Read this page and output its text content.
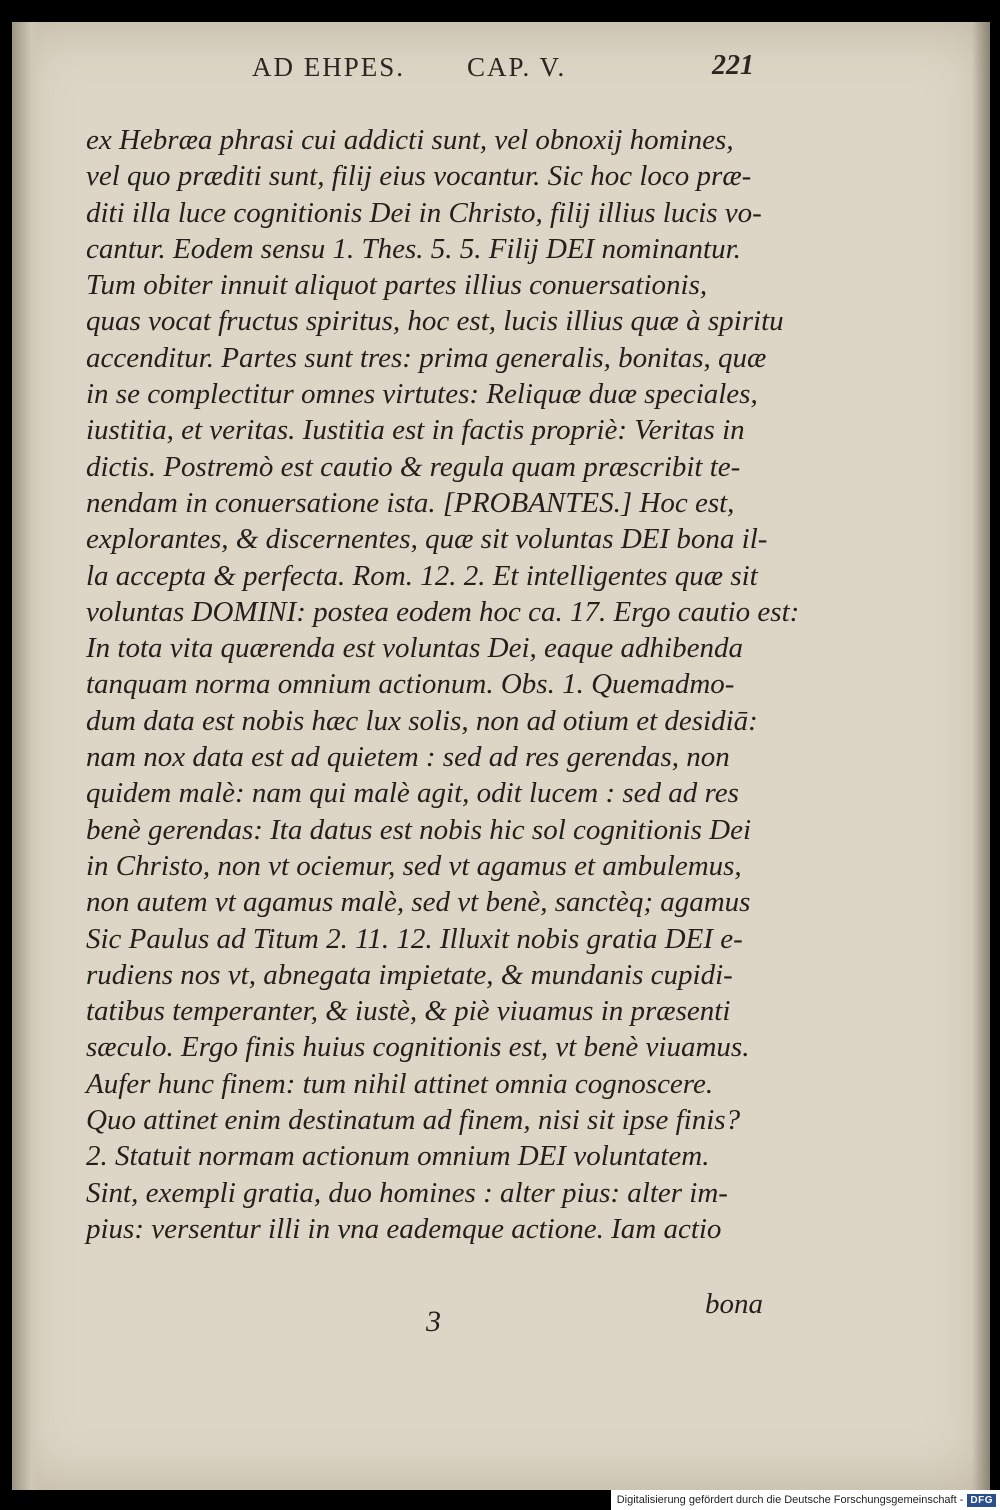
AD EHPES. CAP. V.	221
ex Hebræa phrasi cui addicti sunt, vel obnoxij homines,
vel quo præditi sunt, filij eius vocantur. Sic hoc loco præ-
diti illa luce cognitionis Dei in Christo, filij illius lucis vo-
cantur. Eodem sensu 1. Thes. 5. 5. Filij DEI nominantur.
Tum obiter innuit aliquot partes illius conuersationis,
quas vocat fructus spiritus, hoc est, lucis illius quæ à spiritu
accenditur. Partes sunt tres: prima generalis, bonitas, quæ
in se complectitur omnes virtutes: Reliquæ duæ speciales,
iustitia, et veritas. Iustitia est in factis propriè: Veritas in
dictis. Postremò est cautio & regula quam præscribit te-
nendam in conuersatione ista. [PROBANTES.] Hoc est,
explorantes, & discernentes, quæ sit voluntas DEI bona il-
la accepta & perfecta. Rom. 12. 2. Et intelligentes quæ sit
voluntas DOMINI: postea eodem hoc ca. 17. Ergo cautio est:
In tota vita quærenda est voluntas Dei, eaque adhibenda
tanquam norma omnium actionum. Obs. 1. Quemadmo-
dum data est nobis hæc lux solis, non ad otium et desidiā:
nam nox data est ad quietem : sed ad res gerendas, non
quidem malè: nam qui malè agit, odit lucem : sed ad res
benè gerendas: Ita datus est nobis hic sol cognitionis Dei
in Christo, non vt ociemur, sed vt agamus et ambulemus,
non autem vt agamus malè, sed vt benè, sanctèq; agamus
Sic Paulus ad Titum 2. 11. 12. Illuxit nobis gratia DEI e-
rudiens nos vt, abnegata impietate, & mundanis cupidi-
tatibus temperanter, & iustè, & piè viuamus in præsenti
sæculo. Ergo finis huius cognitionis est, vt benè viuamus.
Aufer hunc finem: tum nihil attinet omnia cognoscere.
Quo attinet enim destinatum ad finem, nisi sit ipse finis?
2. Statuit normam actionum omnium DEI voluntatem.
Sint, exempli gratia, duo homines : alter pius: alter im-
pius: versentur illi in vna eademque actione. Iam actio
3
bona
Digitalisierung gefördert durch die Deutsche Forschungsgemeinschaft - DFG
